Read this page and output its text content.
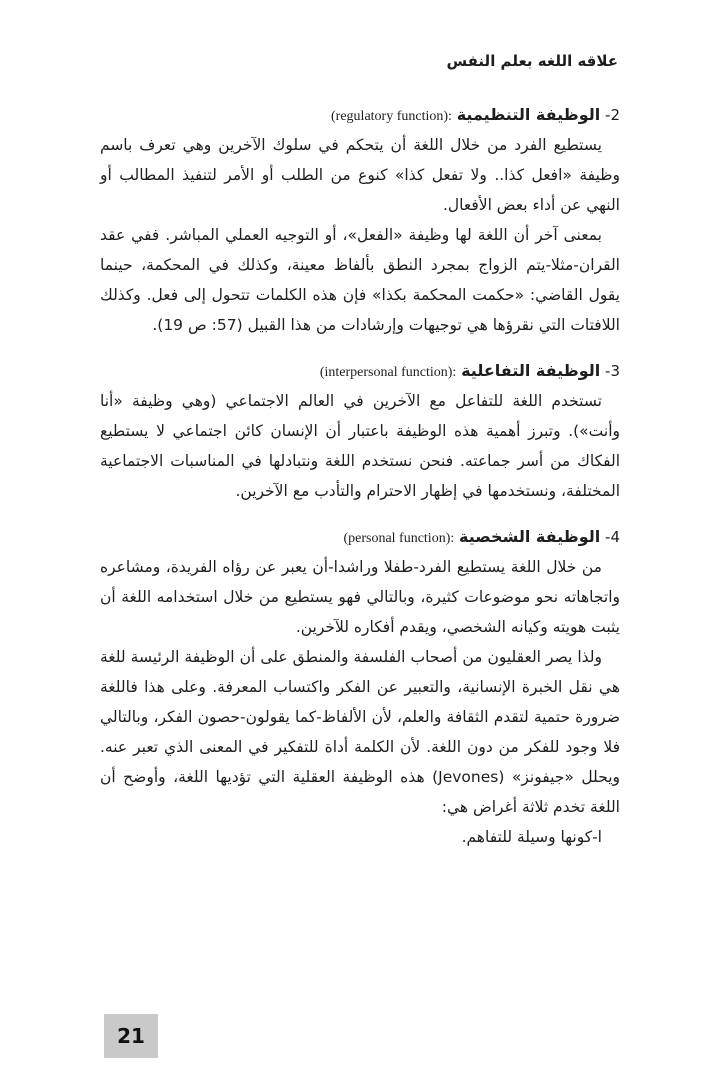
علاقه اللغه بعلم النفس

2- الوظيفة التنظيمية (regulatory function):

يستطيع الفرد من خلال اللغة أن يتحكم في سلوك الآخرين وهي تعرف باسم وظيفة «افعل كذا.. ولا تفعل كذا» كنوع من الطلب أو الأمر لتنفيذ المطالب أو النهي عن أداء بعض الأفعال.

بمعنى آخر أن اللغة لها وظيفة «الفعل»، أو التوجيه العملي المباشر. ففي عقد القران-مثلا-يتم الزواج بمجرد النطق بألفاظ معينة، وكذلك في المحكمة، حينما يقول القاضي: «حكمت المحكمة بكذا» فإن هذه الكلمات تتحول إلى فعل. وكذلك اللافتات التي نقرؤها هي توجيهات وإرشادات من هذا القبيل (57: ص 19).

3- الوظيفة التفاعلية (interpersonal function):

تستخدم اللغة للتفاعل مع الآخرين في العالم الاجتماعي (وهي وظيفة «أنا وأنت»). وتبرز أهمية هذه الوظيفة باعتبار أن الإنسان كائن اجتماعي لا يستطيع الفكاك من أسر جماعته. فنحن نستخدم اللغة ونتبادلها في المناسبات الاجتماعية المختلفة، ونستخدمها في إظهار الاحترام والتأدب مع الآخرين.

4- الوظيفة الشخصية (personal function):

من خلال اللغة يستطيع الفرد-طفلا وراشدا-أن يعبر عن رؤاه الفريدة، ومشاعره واتجاهاته نحو موضوعات كثيرة، وبالتالي فهو يستطيع من خلال استخدامه اللغة أن يثبت هويته وكيانه الشخصي، ويقدم أفكاره للآخرين.

ولذا يصر العقليون من أصحاب الفلسفة والمنطق على أن الوظيفة الرئيسة للغة هي نقل الخبرة الإنسانية، والتعبير عن الفكر واكتساب المعرفة. وعلى هذا فاللغة ضرورة حتمية لتقدم الثقافة والعلم، لأن الألفاظ-كما يقولون-حصون الفكر، وبالتالي فلا وجود للفكر من دون اللغة. لأن الكلمة أداة للتفكير في المعنى الذي تعبر عنه. ويحلل «جيفونز» (Jevones) هذه الوظيفة العقلية التي تؤديها اللغة، وأوضح أن اللغة تخدم ثلاثة أغراض هي:

ا-كونها وسيلة للتفاهم.

21
